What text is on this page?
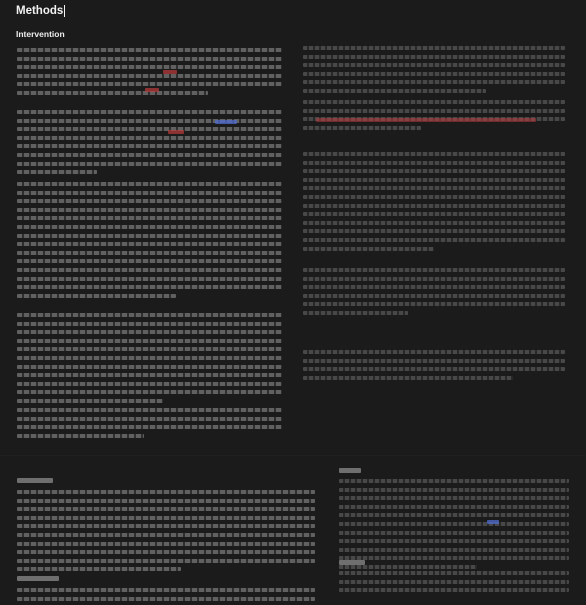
Methods
Intervention
